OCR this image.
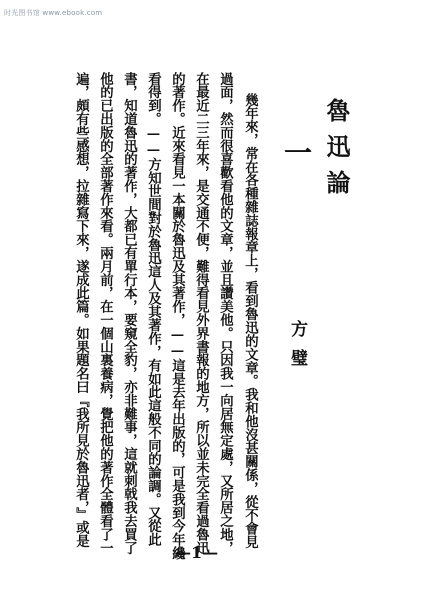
时光图书馆 www.ebook.com
魯迅論
一
方璧
幾年來，常在各種雜誌報章上，看到魯迅的文章。我和他沒甚關係，從不會見
過面，然而很喜歡看他的文章，並且讚美他。只因我一向居無定處，又所居之地，
在最近二三年來，是交通不便，難得看見外界書報的地方，所以並未完全看過魯迅
的著作。近來看見一本關於魯迅及其著作，——這是去年出版的，可是我到今年纔
看得到。——方知世間對於魯迅這人及其著作，有如此這般不同的論調。又從此
書，知道魯迅的著作，大都已有單行本，要窺全豹，亦非難事，這就刺戟我去買了
他的已出版的全部著作來看。兩月前，在一個山裏養病，覺把他的著作全體看了一
遍，頗有些感想，拉雜寫下來，遂成此篇。如果題名曰『我所見於魯迅者，』或是
—1—
